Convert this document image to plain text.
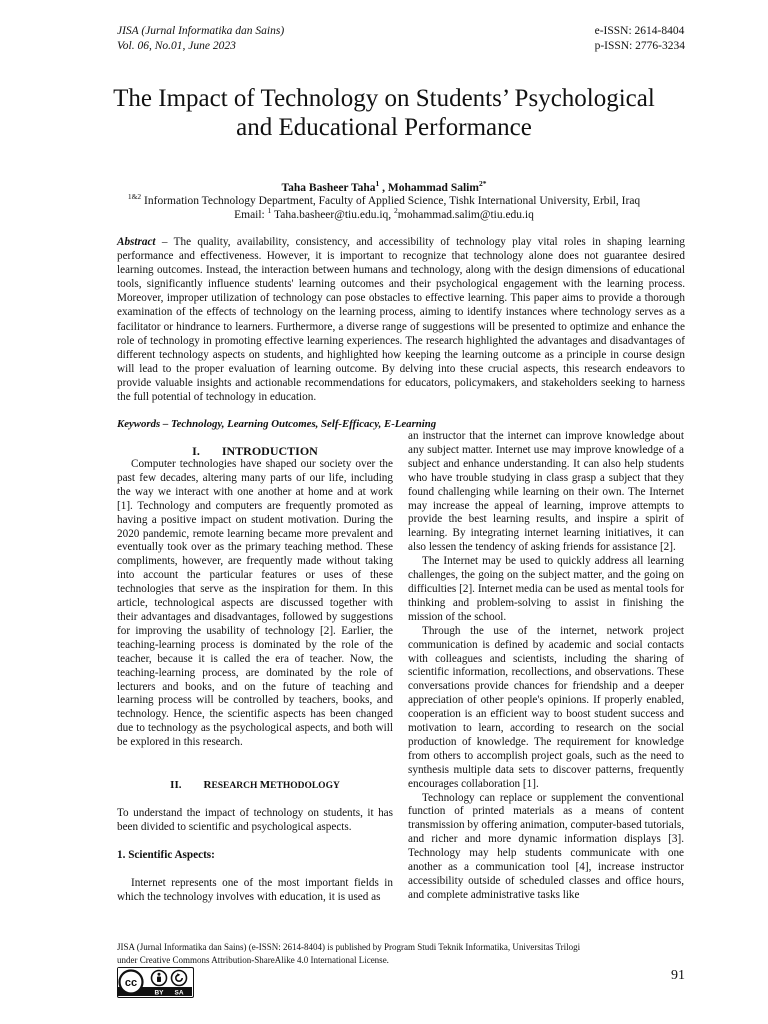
JISA (Jurnal Informatika dan Sains)
Vol. 06, No.01, June 2023
e-ISSN: 2614-8404
p-ISSN: 2776-3234
The Impact of Technology on Students’ Psychological
and Educational Performance
Taha Basheer Taha$^1$ , Mohammad Salim$^{2*}$
$^{1\&2}$ Information Technology Department, Faculty of Applied Science, Tishk International University, Erbil, Iraq
Email: $^1$ Taha.basheer@tiu.edu.iq, $^2$mohammad.salim@tiu.edu.iq

Abstract – The quality, availability, consistency, and accessibility of technology play vital roles in shaping learning performance and effectiveness. However, it is important to recognize that technology alone does not guarantee desired learning outcomes. Instead, the interaction between humans and technology, along with the design dimensions of educational tools, significantly influence students' learning outcomes and their psychological engagement with the learning process. Moreover, improper utilization of technology can pose obstacles to effective learning. This paper aims to provide a thorough examination of the effects of technology on the learning process, aiming to identify instances where technology serves as a facilitator or hindrance to learners. Furthermore, a diverse range of suggestions will be presented to optimize and enhance the role of technology in promoting effective learning experiences. The research highlighted the advantages and disadvantages of different technology aspects on students, and highlighted how keeping the learning outcome as a principle in course design will lead to the proper evaluation of learning outcome. By delving into these crucial aspects, this research endeavors to provide valuable insights and actionable recommendations for educators, policymakers, and stakeholders seeking to harness the full potential of technology in education.

Keywords – Technology, Learning Outcomes, Self-Efficacy, E-Learning

I. INTRODUCTION

Computer technologies have shaped our society over the past few decades, altering many parts of our life, including the way we interact with one another at home and at work [1]. Technology and computers are frequently promoted as having a positive impact on student motivation. During the 2020 pandemic, remote learning became more prevalent and eventually took over as the primary teaching method. These compliments, however, are frequently made without taking into account the particular features or uses of these technologies that serve as the inspiration for them. In this article, technological aspects are discussed together with their advantages and disadvantages, followed by suggestions for improving the usability of technology [2]. Earlier, the teaching-learning process is dominated by the role of the teacher, because it is called the era of teacher. Now, the teaching-learning process, are dominated by the role of lecturers and books, and on the future of teaching and learning process will be controlled by teachers, books, and technology. Hence, the scientific aspects has been changed due to technology as the psychological aspects, and both will be explored in this research.

II. RESEARCH METHODOLOGY

To understand the impact of technology on students, it has been divided to scientific and psychological aspects.

1. Scientific Aspects:

Internet represents one of the most important fields in which the technology involves with education, it is used as

an instructor that the internet can improve knowledge about any subject matter. Internet use may improve knowledge of a subject and enhance understanding. It can also help students who have trouble studying in class grasp a subject that they found challenging while learning on their own. The Internet may increase the appeal of learning, improve attempts to provide the best learning results, and inspire a spirit of learning. By integrating internet learning initiatives, it can also lessen the tendency of asking friends for assistance [2].

The Internet may be used to quickly address all learning challenges, the going on the subject matter, and the going on difficulties [2]. Internet media can be used as mental tools for thinking and problem-solving to assist in finishing the mission of the school.

Through the use of the internet, network project communication is defined by academic and social contacts with colleagues and scientists, including the sharing of scientific information, recollections, and observations. These conversations provide chances for friendship and a deeper appreciation of other people's opinions. If properly enabled, cooperation is an efficient way to boost student success and motivation to learn, according to research on the social production of knowledge. The requirement for knowledge from others to accomplish project goals, such as the need to synthesis multiple data sets to discover patterns, frequently encourages collaboration [1].

Technology can replace or supplement the conventional function of printed materials as a means of content transmission by offering animation, computer-based tutorials, and richer and more dynamic information displays [3]. Technology may help students communicate with one another as a communication tool [4], increase instructor accessibility outside of scheduled classes and office hours, and complete administrative tasks like

JISA (Jurnal Informatika dan Sains) (e-ISSN: 2614-8404) is published by Program Studi Teknik Informatika, Universitas Trilogi
under Creative Commons Attribution-ShareAlike 4.0 International License.
cc
BY SA
91
